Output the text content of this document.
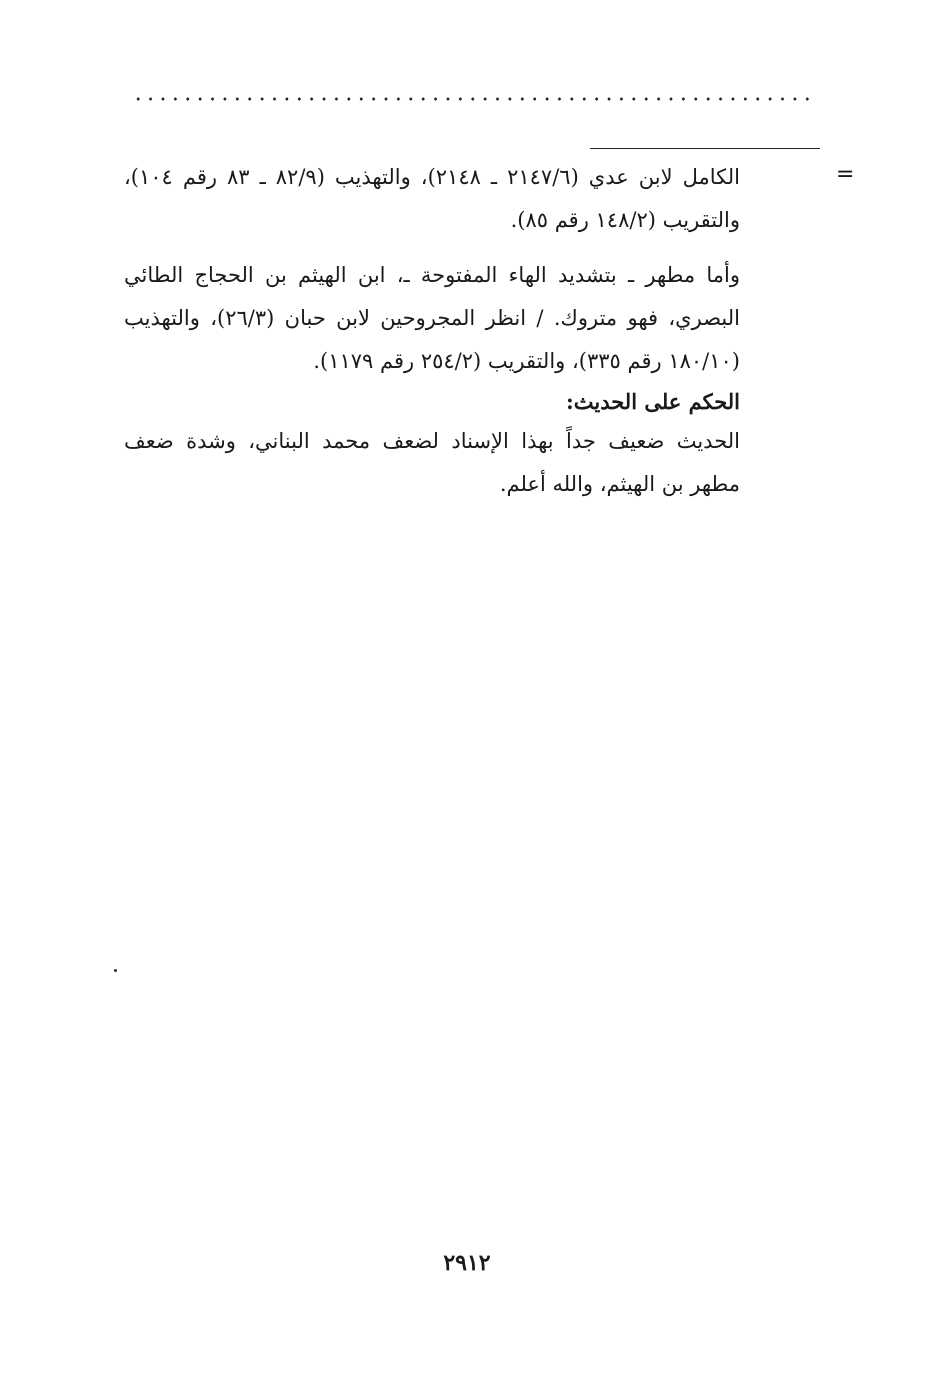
=

الكامل لابن عدي (٢١٤٧/٦ ـ ٢١٤٨)، والتهذيب (٨٢/٩ ـ ٨٣ رقم ١٠٤)، والتقريب (١٤٨/٢ رقم ٨٥).

وأما مطهر ـ بتشديد الهاء المفتوحة ـ، ابن الهيثم بن الحجاج الطائي البصري، فهو متروك. / انظر المجروحين لابن حبان (٢٦/٣)، والتهذيب (١٨٠/١٠ رقم ٣٣٥)، والتقريب (٢٥٤/٢ رقم ١١٧٩).

الحكم على الحديث:

الحديث ضعيف جداً بهذا الإسناد لضعف محمد البناني، وشدة ضعف مطهر بن الهيثم، والله أعلم.

٢٩١٢
